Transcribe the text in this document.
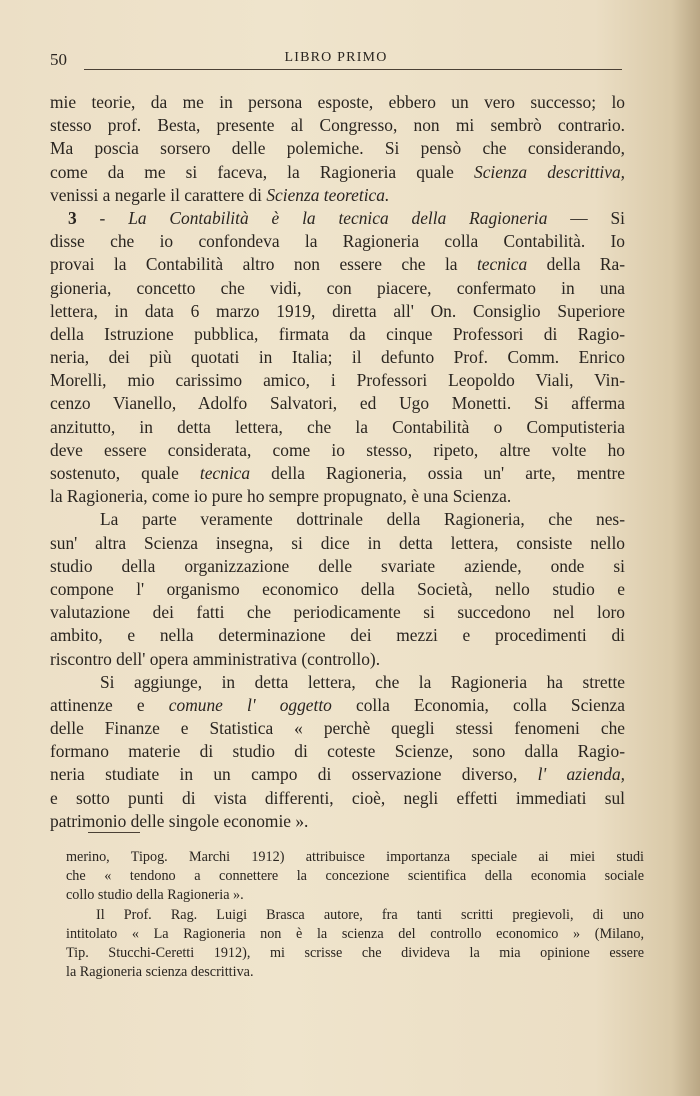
50	LIBRO PRIMO
mie teorie, da me in persona esposte, ebbero un vero successo; lo
stesso prof. Besta, presente al Congresso, non mi sembrò contrario.
Ma poscia sorsero delle polemiche. Si pensò che considerando,
come da me si faceva, la Ragioneria quale Scienza descrittiva,
venissi a negarle il carattere di Scienza teoretica.
3 - La Contabilità è la tecnica della Ragioneria — Si
disse che io confondeva la Ragioneria colla Contabilità. Io
provai la Contabilità altro non essere che la tecnica della Ra-
gioneria, concetto che vidi, con piacere, confermato in una
lettera, in data 6 marzo 1919, diretta all' On. Consiglio Superiore
della Istruzione pubblica, firmata da cinque Professori di Ragio-
neria, dei più quotati in Italia; il defunto Prof. Comm. Enrico
Morelli, mio carissimo amico, i Professori Leopoldo Viali, Vin-
cenzo Vianello, Adolfo Salvatori, ed Ugo Monetti. Si afferma
anzitutto, in detta lettera, che la Contabilità o Computisteria
deve essere considerata, come io stesso, ripeto, altre volte ho
sostenuto, quale tecnica della Ragioneria, ossia un' arte, mentre
la Ragioneria, come io pure ho sempre propugnato, è una Scienza.
La parte veramente dottrinale della Ragioneria, che nes-
sun' altra Scienza insegna, si dice in detta lettera, consiste nello
studio della organizzazione delle svariate aziende, onde si
compone l' organismo economico della Società, nello studio e
valutazione dei fatti che periodicamente si succedono nel loro
ambito, e nella determinazione dei mezzi e procedimenti di
riscontro dell' opera amministrativa (controllo).
Si aggiunge, in detta lettera, che la Ragioneria ha strette
attinenze e comune l' oggetto colla Economia, colla Scienza
delle Finanze e Statistica « perchè quegli stessi fenomeni che
formano materie di studio di coteste Scienze, sono dalla Ragio-
neria studiate in un campo di osservazione diverso, l' azienda,
e sotto punti di vista differenti, cioè, negli effetti immediati sul
patrimonio delle singole economie ».
merino, Tipog. Marchi 1912) attribuisce importanza speciale ai miei studi
che « tendono a connettere la concezione scientifica della economia sociale
collo studio della Ragioneria ».
Il Prof. Rag. Luigi Brasca autore, fra tanti scritti pregievoli, di uno
intitolato « La Ragioneria non è la scienza del controllo economico » (Milano,
Tip. Stucchi-Ceretti 1912), mi scrisse che divideva la mia opinione essere
la Ragioneria scienza descrittiva.
